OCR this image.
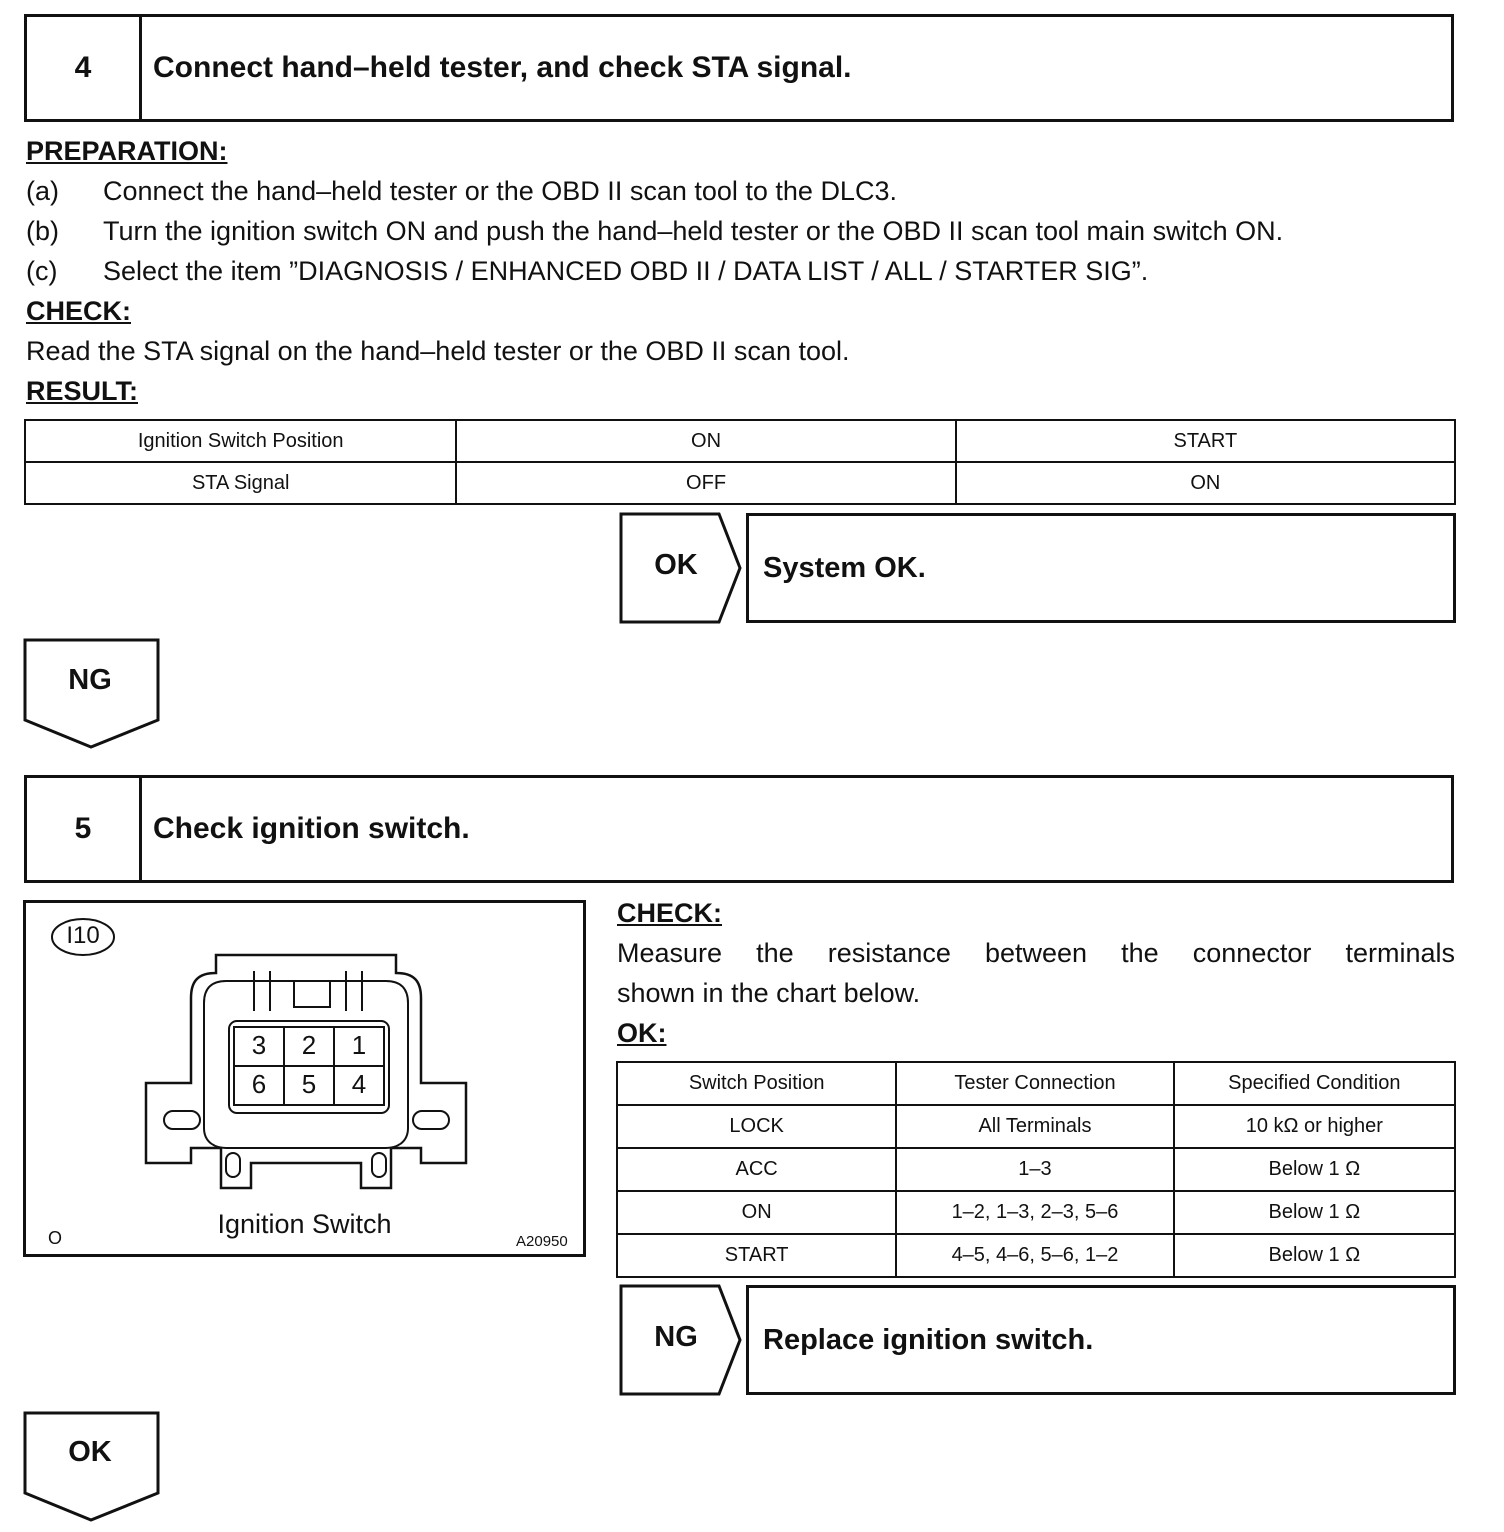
4	Connect hand–held tester, and check STA signal.
PREPARATION:
(a) Connect the hand–held tester or the OBD II scan tool to the DLC3.
(b) Turn the ignition switch ON and push the hand–held tester or the OBD II scan tool main switch ON.
(c) Select the item ”DIAGNOSIS / ENHANCED OBD II / DATA LIST / ALL / STARTER SIG”.
CHECK:
Read the STA signal on the hand–held tester or the OBD II scan tool.
RESULT:
Ignition Switch Position	ON	START
STA Signal	OFF	ON
OK	System OK.
NG
5	Check ignition switch.
I10
3	2	1
6	5	4
Ignition Switch
O	A20950
CHECK:
Measure the resistance between the connector terminals
shown in the chart below.
OK:
Switch Position	Tester Connection	Specified Condition
LOCK	All Terminals	10 kΩ or higher
ACC	1–3	Below 1 Ω
ON	1–2, 1–3, 2–3, 5–6	Below 1 Ω
START	4–5, 4–6, 5–6, 1–2	Below 1 Ω
NG	Replace ignition switch.
OK
